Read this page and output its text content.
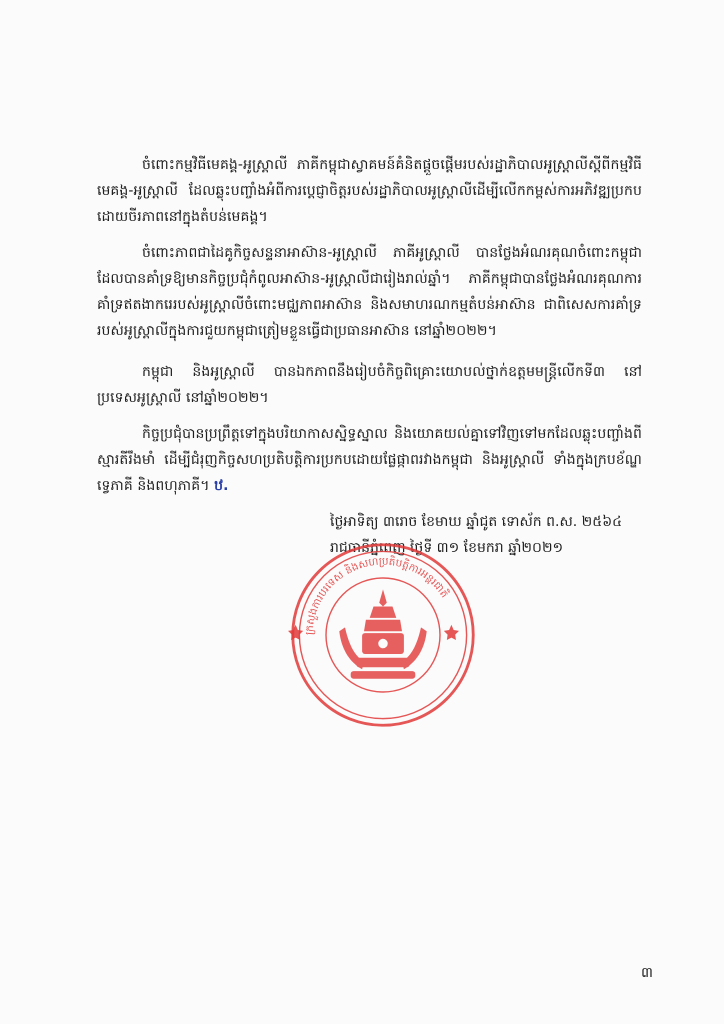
ចំពោះកម្មវិធីមេគង្គ-អូស្ត្រាលី ភាគីកម្ពុជាស្វាគមន៍គំនិតផ្តួចផ្តើមរបស់រដ្ឋាភិបាលអូស្ត្រាលីស្តីពីកម្មវិធីមេគង្គ-អូស្ត្រាលី ដែលឆ្លុះបញ្ចាំងអំពីការប្តេជ្ញាចិត្តរបស់រដ្ឋាភិបាលអូស្ត្រាលីដើម្បីលើកកម្ពស់ការអភិវឌ្ឍប្រកបដោយចីរភាពនៅក្នុងតំបន់មេគង្គ។
ចំពោះភាពជាដៃគូកិច្ចសន្ទនាអាស៊ាន-អូស្ត្រាលី ភាគីអូស្ត្រាលី បានថ្លែងអំណរគុណចំពោះកម្ពុជាដែលបានគាំទ្រឱ្យមានកិច្ចប្រជុំកំពូលអាស៊ាន-អូស្ត្រាលីជារៀងរាល់ឆ្នាំ។ ភាគីកម្ពុជាបានថ្លែងអំណរគុណការគាំទ្រឥតងាករេរបស់អូស្ត្រាលីចំពោះមជ្ឈភាពអាស៊ាន និងសមាហរណកម្មតំបន់អាស៊ាន ជាពិសេសការគាំទ្ររបស់អូស្ត្រាលីក្នុងការជួយកម្ពុជាត្រៀមខ្លួនធ្វើជាប្រធានអាស៊ាន នៅឆ្នាំ២០២២។
កម្ពុជា និងអូស្ត្រាលី បានឯកភាពនឹងរៀបចំកិច្ចពិគ្រោះយោបល់ថ្នាក់ឧត្តមមន្ត្រីលើកទី៣ នៅប្រទេសអូស្ត្រាលី នៅឆ្នាំ២០២២។
កិច្ចប្រជុំបានប្រព្រឹត្តទៅក្នុងបរិយាកាសស្និទ្ធស្នាល និងយោគយល់គ្នាទៅវិញទៅមកដែលឆ្លុះបញ្ចាំងពីស្មារតីរឹងមាំ ដើម្បីជំរុញកិច្ចសហប្រតិបត្តិការប្រកបដោយផ្លែផ្កាពរវាងកម្ពុជា និងអូស្ត្រាលី ទាំងក្នុងក្របខ័ណ្ឌទ្វេភាគី និងពហុភាគី។ ឋ.
ថ្ងៃអាទិត្យ ៣រោច ខែមាឃ ឆ្នាំជូត ទោស័ក ព.ស. ២៥៦៤
រាជធានីភ្នំពេញ ថ្ងៃទី ៣១ ខែមករា ឆ្នាំ២០២១
ក្រសួងការបរទេស និងសហប្រតិបត្តិការអន្តរជាតិ
៣
